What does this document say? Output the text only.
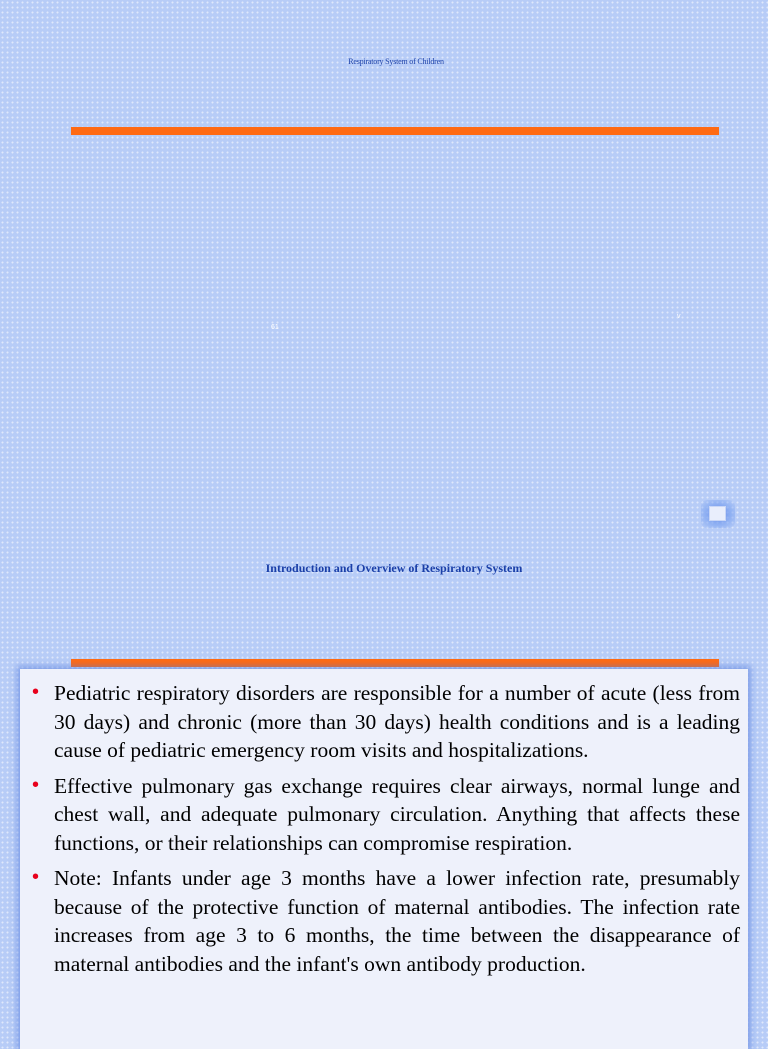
Respiratory System of Children
61
v
Introduction and Overview of Respiratory System
• Pediatric respiratory disorders are responsible for a number of acute (less from 30 days) and chronic (more than 30 days) health conditions and is a leading cause of pediatric emergency room visits and hospitalizations.
• Effective pulmonary gas exchange requires clear airways, normal lunge and chest wall, and adequate pulmonary circulation. Anything that affects these functions, or their relationships can compromise respiration.
• Note: Infants under age 3 months have a lower infection rate, presumably because of the protective function of maternal antibodies. The infection rate increases from age 3 to 6 months, the time between the disappearance of maternal antibodies and the infant's own antibody production.
